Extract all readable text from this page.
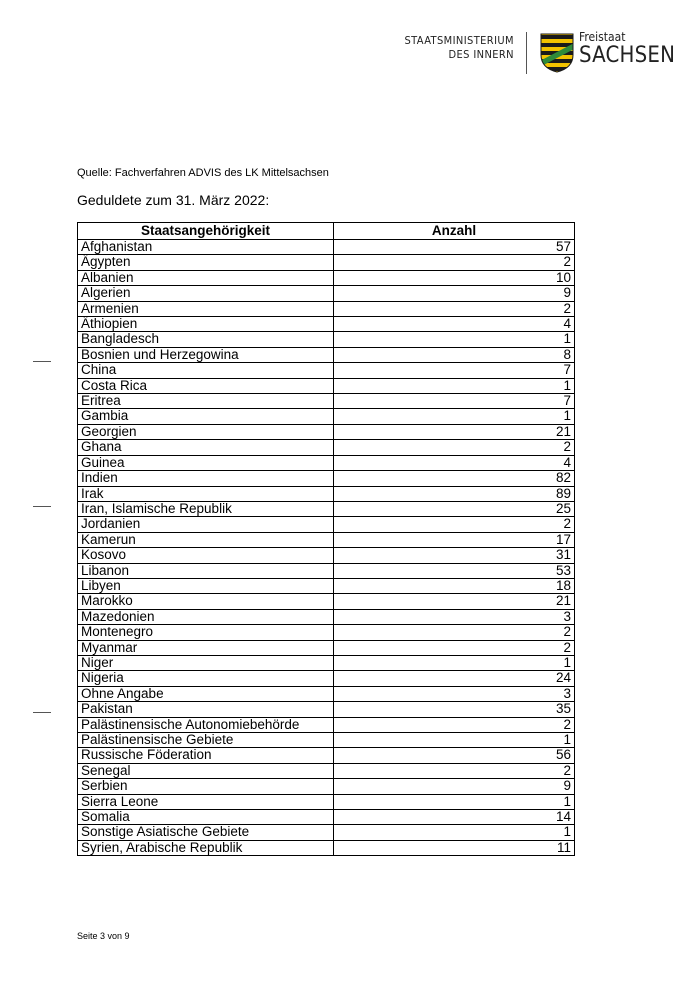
STAATSMINISTERIUM
DES INNERN
Freistaat
SACHSEN
Quelle: Fachverfahren ADVIS des LK Mittelsachsen
Geduldete zum 31. März 2022:
Staatsangehörigkeit	Anzahl
Afghanistan	57
Ägypten	2
Albanien	10
Algerien	9
Armenien	2
Äthiopien	4
Bangladesch	1
Bosnien und Herzegowina	8
China	7
Costa Rica	1
Eritrea	7
Gambia	1
Georgien	21
Ghana	2
Guinea	4
Indien	82
Irak	89
Iran, Islamische Republik	25
Jordanien	2
Kamerun	17
Kosovo	31
Libanon	53
Libyen	18
Marokko	21
Mazedonien	3
Montenegro	2
Myanmar	2
Niger	1
Nigeria	24
Ohne Angabe	3
Pakistan	35
Palästinensische Autonomiebehörde	2
Palästinensische Gebiete	1
Russische Föderation	56
Senegal	2
Serbien	9
Sierra Leone	1
Somalia	14
Sonstige Asiatische Gebiete	1
Syrien, Arabische Republik	11
Seite 3 von 9
